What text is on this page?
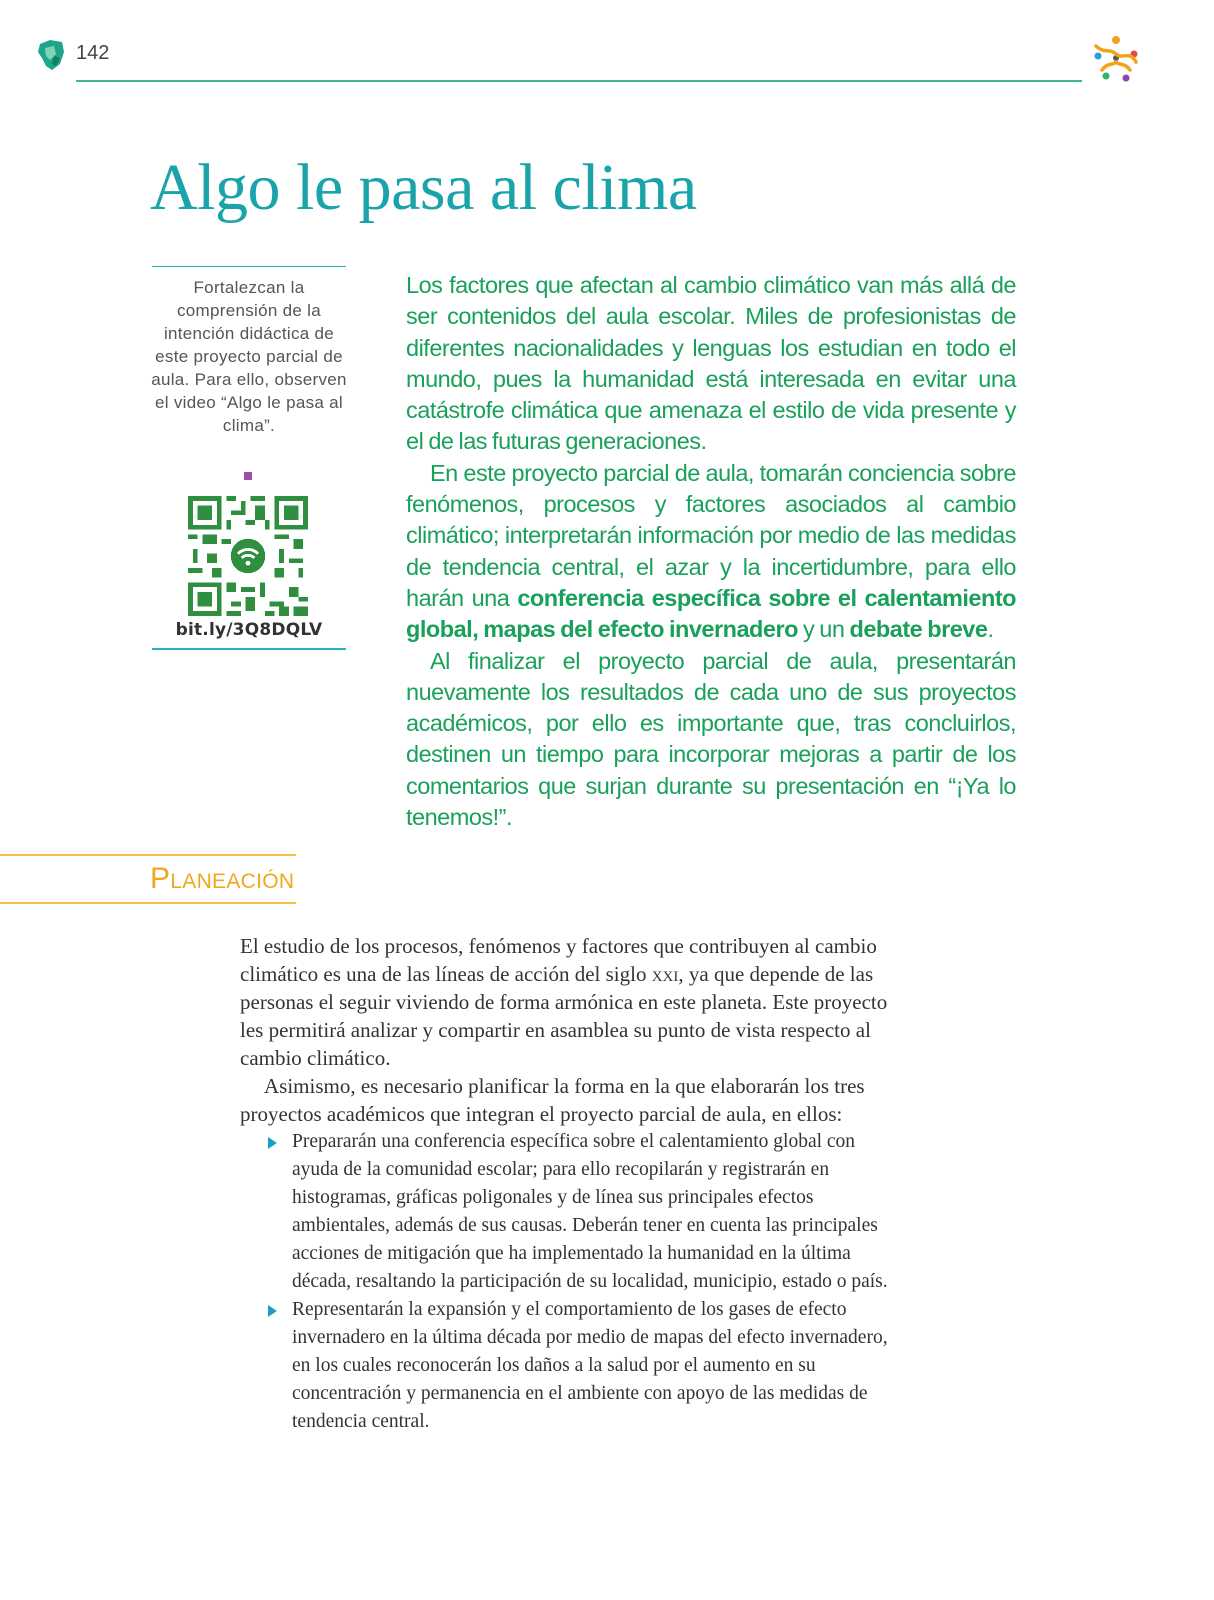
142
Algo le pasa al clima

Fortalezcan la comprensión de la intención didáctica de este proyecto parcial de aula. Para ello, observen el video “Algo le pasa al clima”.

bit.ly/3Q8DQLV

Los factores que afectan al cambio climático van más allá de ser contenidos del aula escolar. Miles de profesionistas de diferentes nacionalidades y lenguas los estudian en todo el mundo, pues la humanidad está interesada en evitar una catástrofe climática que amenaza el estilo de vida presente y el de las futuras generaciones.

En este proyecto parcial de aula, tomarán conciencia sobre fenómenos, procesos y factores asociados al cambio climático; interpretarán información por medio de las medidas de tendencia central, el azar y la incertidumbre, para ello harán una conferencia específica sobre el calentamiento global, mapas del efecto invernadero y un debate breve.

Al finalizar el proyecto parcial de aula, presentarán nuevamente los resultados de cada uno de sus proyectos académicos, por ello es importante que, tras concluirlos, destinen un tiempo para incorporar mejoras a partir de los comentarios que surjan durante su presentación en “¡Ya lo tenemos!”.

Planeación

El estudio de los procesos, fenómenos y factores que contribuyen al cambio climático es una de las líneas de acción del siglo xxi, ya que depende de las personas el seguir viviendo de forma armónica en este planeta. Este proyecto les permitirá analizar y compartir en asamblea su punto de vista respecto al cambio climático.

Asimismo, es necesario planificar la forma en la que elaborarán los tres proyectos académicos que integran el proyecto parcial de aula, en ellos:

Prepararán una conferencia específica sobre el calentamiento global con ayuda de la comunidad escolar; para ello recopilarán y registrarán en histogramas, gráficas poligonales y de línea sus principales efectos ambientales, además de sus causas. Deberán tener en cuenta las principales acciones de mitigación que ha implementado la humanidad en la última década, resaltando la participación de su localidad, municipio, estado o país.
Representarán la expansión y el comportamiento de los gases de efecto invernadero en la última década por medio de mapas del efecto invernadero, en los cuales reconocerán los daños a la salud por el aumento en su concentración y permanencia en el ambiente con apoyo de las medidas de tendencia central.
